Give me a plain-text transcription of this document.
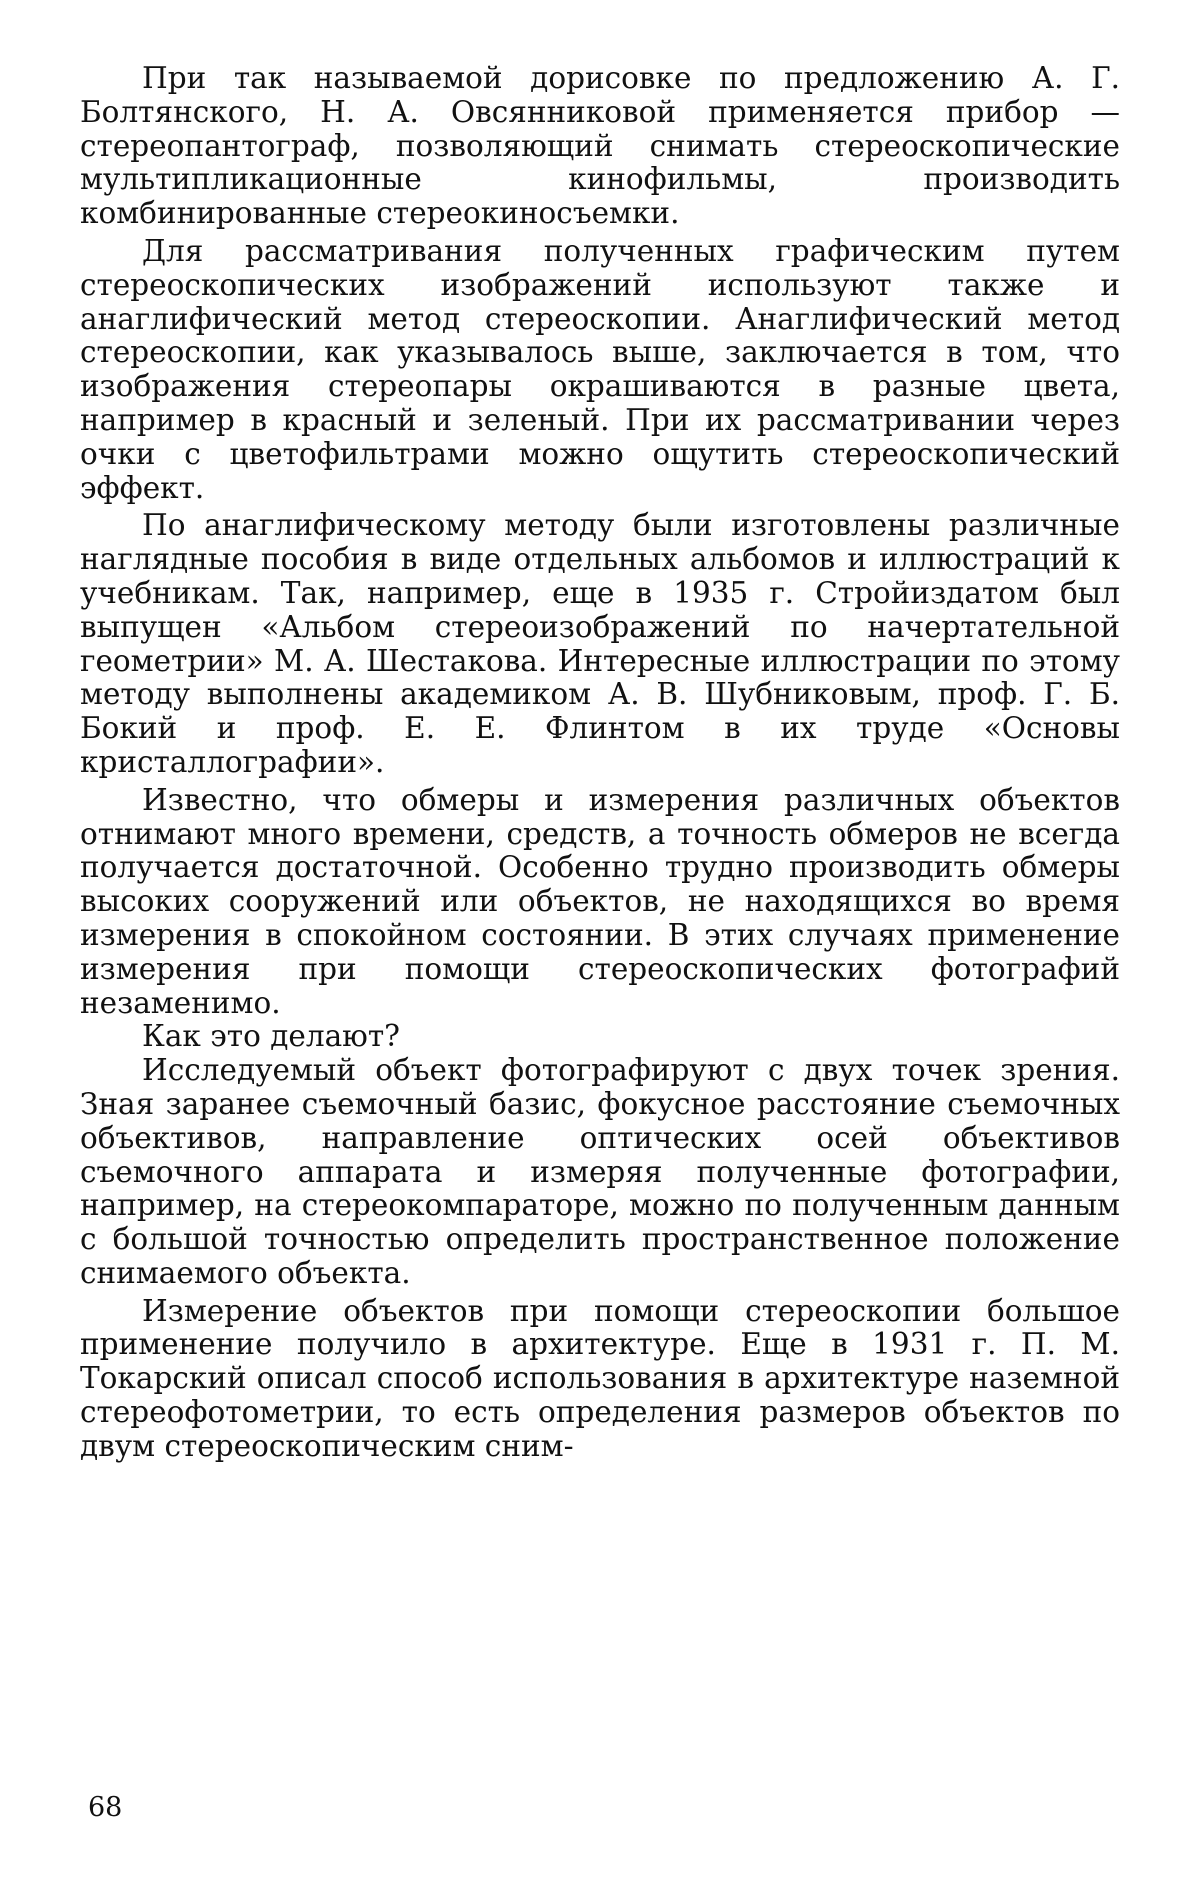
При так называемой дорисовке по предложению А. Г. Болтянского, Н. А. Овсянниковой применяется прибор — стереопантограф, позволяющий снимать стереоскопические мультипликационные кинофильмы, производить комбинированные стереокиносъемки.

Для рассматривания полученных графическим путем стереоскопических изображений используют также и анаглифический метод стереоскопии. Анаглифический метод стереоскопии, как указывалось выше, заключается в том, что изображения стереопары окрашиваются в разные цвета, например в красный и зеленый. При их рассматривании через очки с цветофильтрами можно ощутить стереоскопический эффект.

По анаглифическому методу были изготовлены различные наглядные пособия в виде отдельных альбомов и иллюстраций к учебникам. Так, например, еще в 1935 г. Стройиздатом был выпущен «Альбом стереоизображений по начертательной геометрии» М. А. Шестакова. Интересные иллюстрации по этому методу выполнены академиком А. В. Шубниковым, проф. Г. Б. Бокий и проф. Е. Е. Флинтом в их труде «Основы кристаллографии».

Известно, что обмеры и измерения различных объектов отнимают много времени, средств, а точность обмеров не всегда получается достаточной. Особенно трудно производить обмеры высоких сооружений или объектов, не находящихся во время измерения в спокойном состоянии. В этих случаях применение измерения при помощи стереоскопических фотографий незаменимо.

Как это делают?

Исследуемый объект фотографируют с двух точек зрения. Зная заранее съемочный базис, фокусное расстояние съемочных объективов, направление оптических осей объективов съемочного аппарата и измеряя полученные фотографии, например, на стереокомпараторе, можно по полученным данным с большой точностью определить пространственное положение снимаемого объекта.

Измерение объектов при помощи стереоскопии большое применение получило в архитектуре. Еще в 1931 г. П. М. Токарский описал способ использования в архитектуре наземной стереофотометрии, то есть определения размеров объектов по двум стереоскопическим сним-

68
